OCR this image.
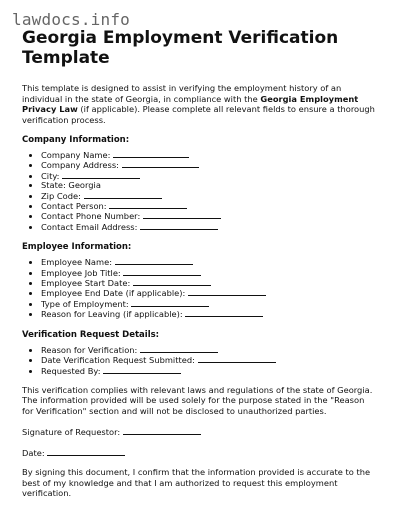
lawdocs.info
Georgia Employment Verification Template

This template is designed to assist in verifying the employment history of an individual in the state of Georgia, in compliance with the Georgia Employment Privacy Law (if applicable). Please complete all relevant fields to ensure a thorough verification process.

Company Information:

• Company Name:
• Company Address:
• City:
• State: Georgia
• Zip Code:
• Contact Person:
• Contact Phone Number:
• Contact Email Address:

Employee Information:

• Employee Name:
• Employee Job Title:
• Employee Start Date:
• Employee End Date (if applicable):
• Type of Employment:
• Reason for Leaving (if applicable):

Verification Request Details:

• Reason for Verification:
• Date Verification Request Submitted:
• Requested By:

This verification complies with relevant laws and regulations of the state of Georgia. The information provided will be used solely for the purpose stated in the "Reason for Verification" section and will not be disclosed to unauthorized parties.

Signature of Requestor:

Date:

By signing this document, I confirm that the information provided is accurate to the best of my knowledge and that I am authorized to request this employment verification.
